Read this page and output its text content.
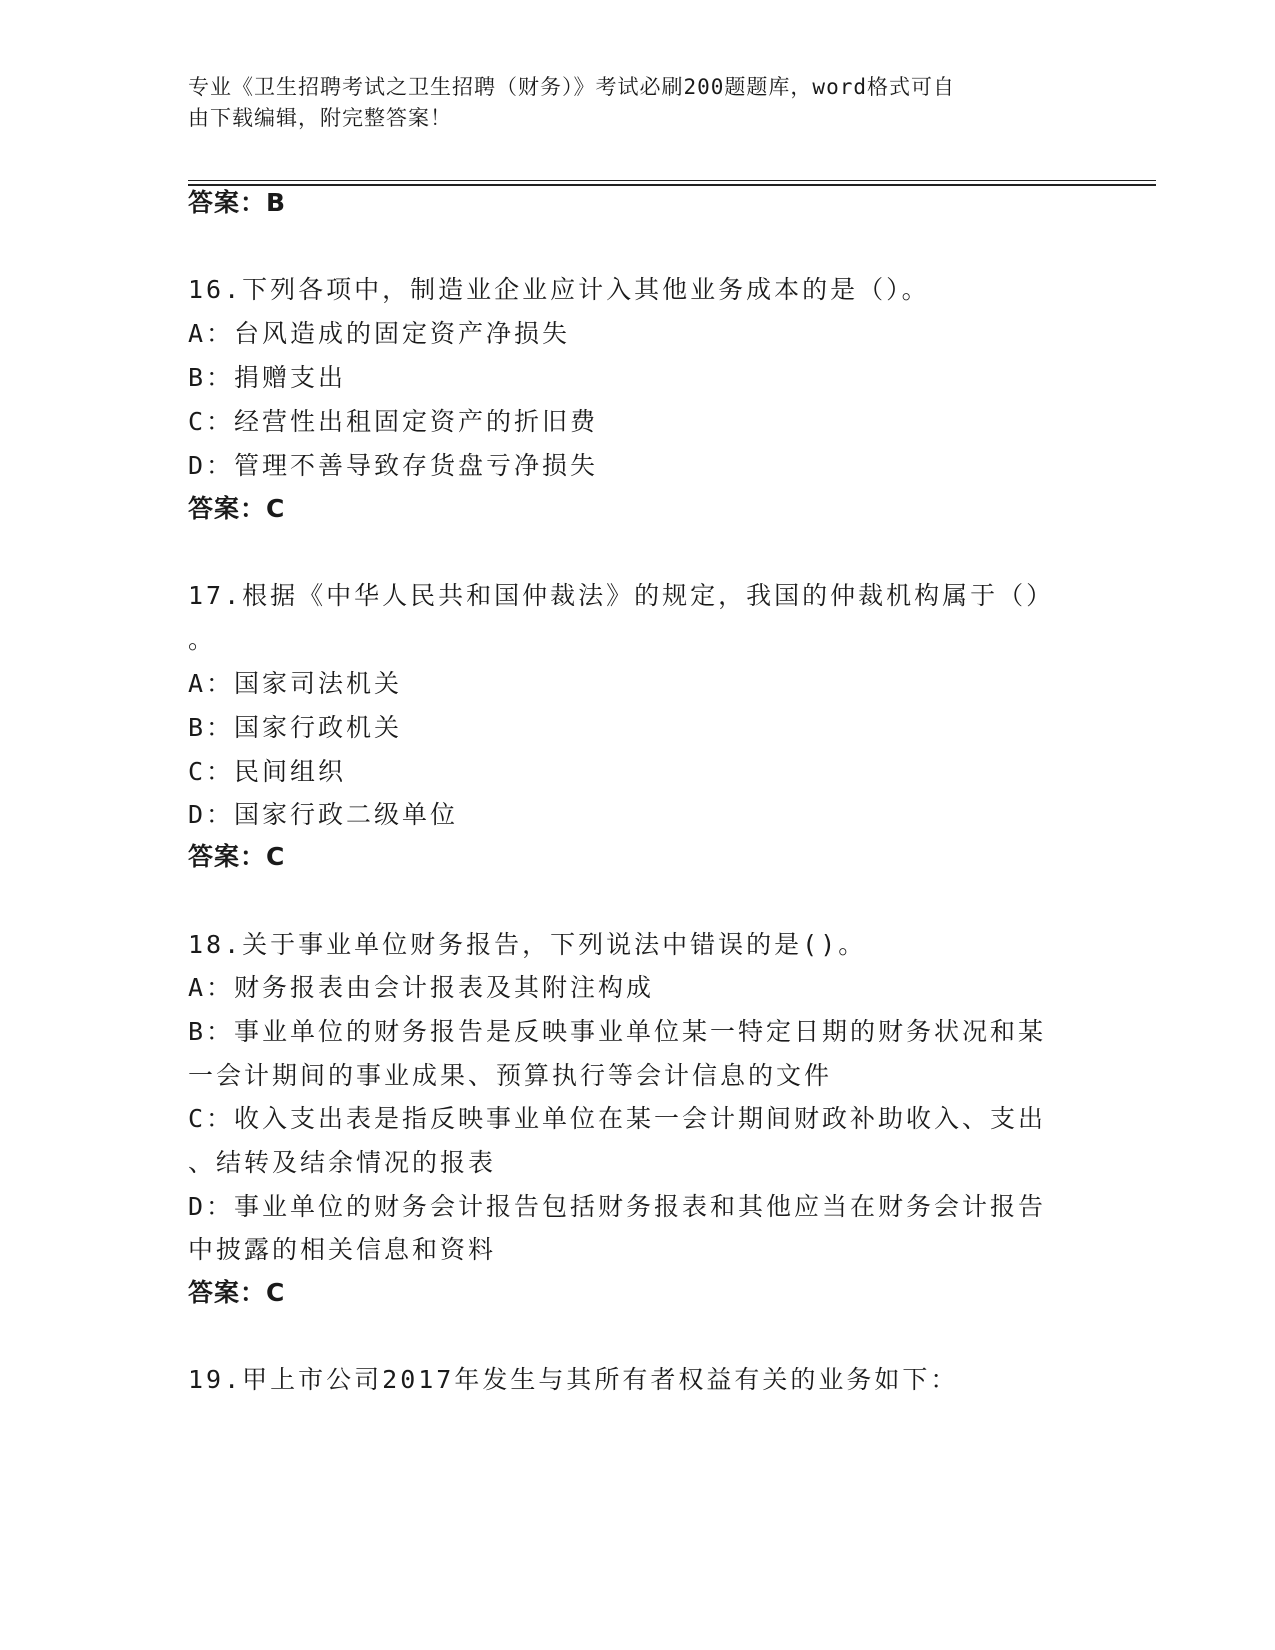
专业《卫生招聘考试之卫生招聘（财务）》考试必刷200题题库，word格式可自
由下载编辑，附完整答案！
答案：B
16.下列各项中，制造业企业应计入其他业务成本的是（）。
A：台风造成的固定资产净损失
B：捐赠支出
C：经营性出租固定资产的折旧费
D：管理不善导致存货盘亏净损失
答案：C
17.根据《中华人民共和国仲裁法》的规定，我国的仲裁机构属于（）
。
A：国家司法机关
B：国家行政机关
C：民间组织
D：国家行政二级单位
答案：C
18.关于事业单位财务报告，下列说法中错误的是()。
A：财务报表由会计报表及其附注构成
B：事业单位的财务报告是反映事业单位某一特定日期的财务状况和某
一会计期间的事业成果、预算执行等会计信息的文件
C：收入支出表是指反映事业单位在某一会计期间财政补助收入、支出
、结转及结余情况的报表
D：事业单位的财务会计报告包括财务报表和其他应当在财务会计报告
中披露的相关信息和资料
答案：C
19.甲上市公司2017年发生与其所有者权益有关的业务如下：
